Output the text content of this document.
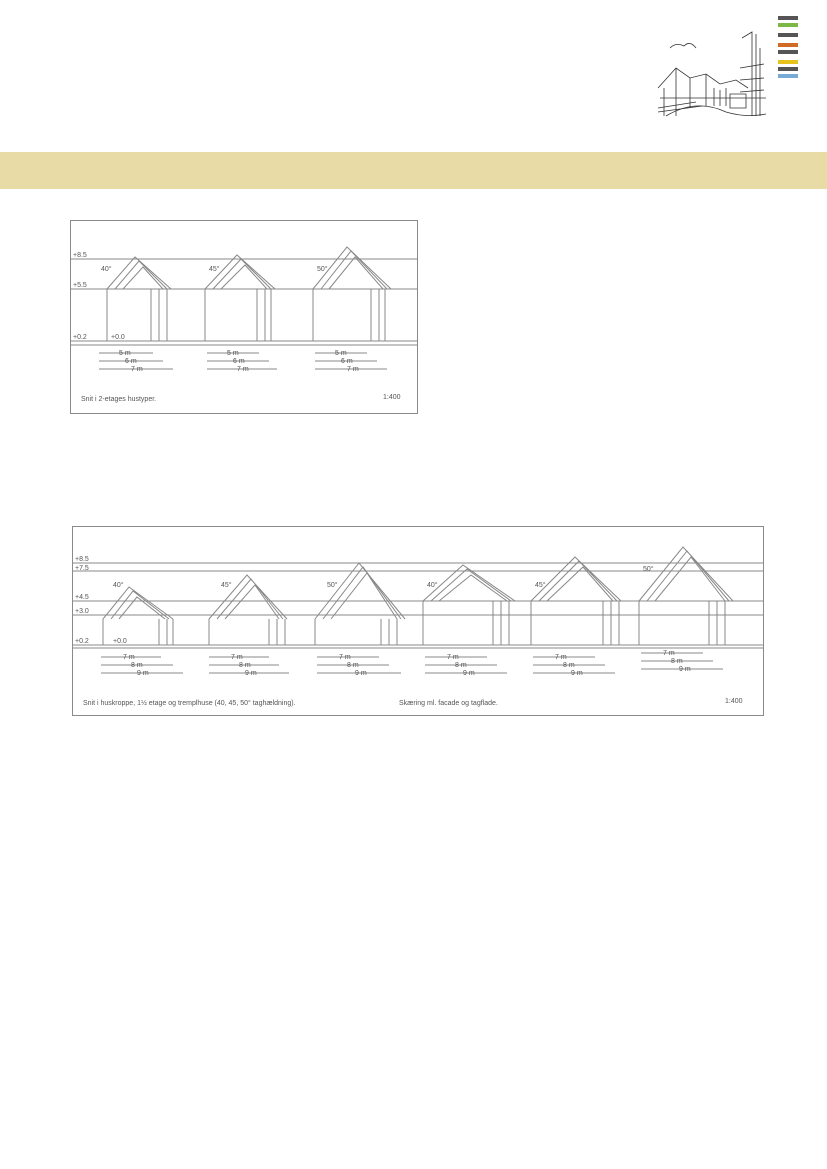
+8.5
+5.5
+0.2	+0.0
40°	45°	50°
5 m
6 m
7 m
5 m
6 m
7 m
5 m
6 m
7 m
Snit i 2-etages hustyper.	1:400
+8.5
+7.5
+4.5
+3.0
+0.2	+0.0
40°	45°	50°	40°	45°
50°
7 m
8 m
9 m
7 m
8 m
9 m
7 m
8 m
9 m
7 m
8 m
9 m
7 m
8 m
9 m
7 m
8 m
9 m
Snit i huskroppe, 1½ etage og tremplhuse (40, 45, 50° taghældning).	Skæring ml. facade og tagflade.	1:400
